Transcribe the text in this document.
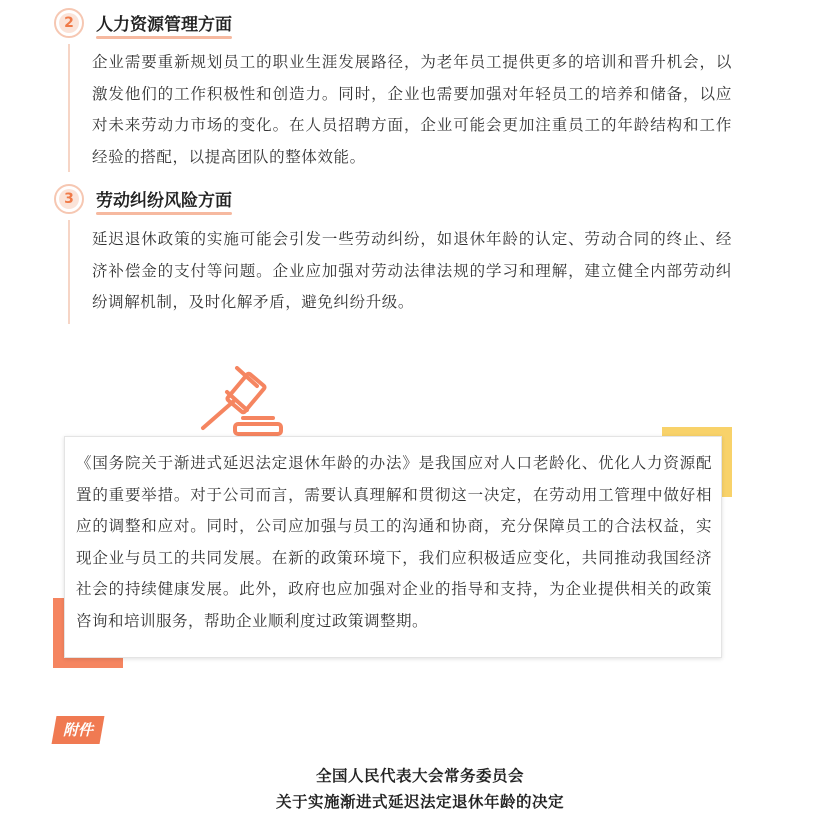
2	人力资源管理方面
企业需要重新规划员工的职业生涯发展路径，为老年员工提供更多的培训和晋升机会，以激发他们的工作积极性和创造力。同时，企业也需要加强对年轻员工的培养和储备，以应对未来劳动力市场的变化。在人员招聘方面，企业可能会更加注重员工的年龄结构和工作经验的搭配，以提高团队的整体效能。
3	劳动纠纷风险方面
延迟退休政策的实施可能会引发一些劳动纠纷，如退休年龄的认定、劳动合同的终止、经济补偿金的支付等问题。企业应加强对劳动法律法规的学习和理解，建立健全内部劳动纠纷调解机制，及时化解矛盾，避免纠纷升级。
《国务院关于渐进式延迟法定退休年龄的办法》是我国应对人口老龄化、优化人力资源配置的重要举措。对于公司而言，需要认真理解和贯彻这一决定，在劳动用工管理中做好相应的调整和应对。同时，公司应加强与员工的沟通和协商，充分保障员工的合法权益，实现企业与员工的共同发展。在新的政策环境下，我们应积极适应变化，共同推动我国经济社会的持续健康发展。此外，政府也应加强对企业的指导和支持，为企业提供相关的政策咨询和培训服务，帮助企业顺利度过政策调整期。
附件
全国人民代表大会常务委员会
关于实施渐进式延迟法定退休年龄的决定
